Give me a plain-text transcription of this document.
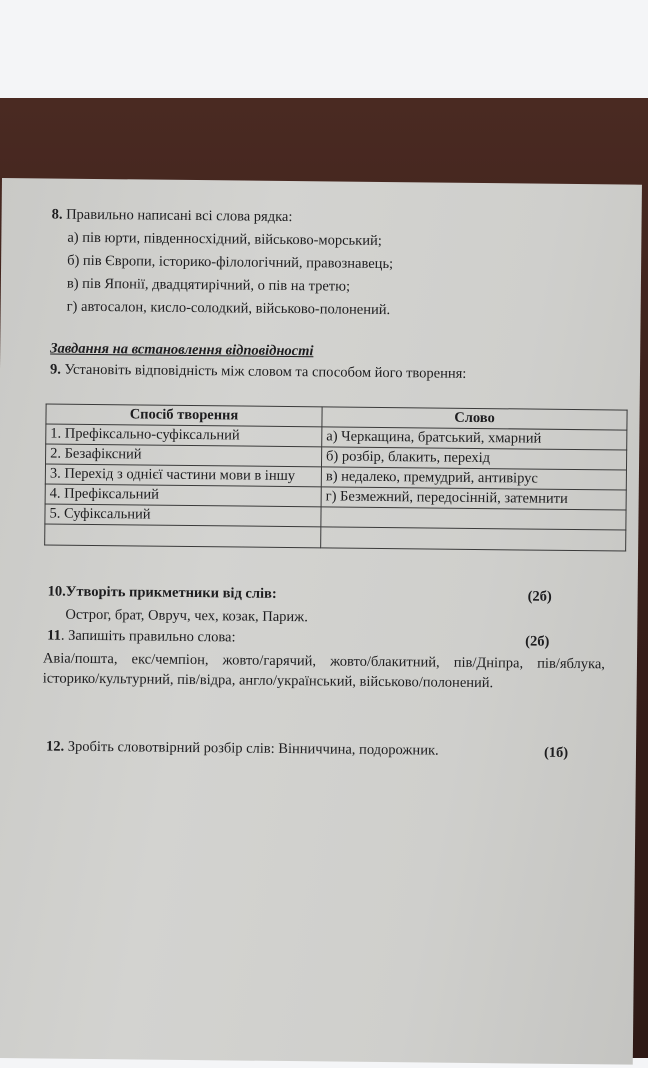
8. Правильно написані всі слова рядка:
а) пів юрти, південносхідний, військово-морський;
б) пів Європи, історико-філологічний, правознавець;
в) пів Японії, двадцятирічний, о пів на третю;
г) автосалон, кисло-солодкий, військово-полонений.
Завдання на встановлення відповідності
9. Установіть відповідність між словом та способом його творення:
Спосіб творення	Слово
1. Префіксально-суфіксальний	а) Черкащина, братський, хмарний
2. Безафіксний	б) розбір, блакить, перехід
3. Перехід з однієї частини мови в іншу	в) недалеко, премудрий, антивірус
4. Префіксальний	г) Безмежний, передосінній, затемнити
5. Суфіксальний	

10.Утворіть прикметники від слів:	(2б)
Острог, брат, Овруч, чех, козак, Париж.
11. Запишіть правильно слова:	(2б)
Авіа/пошта, екс/чемпіон, жовто/гарячий, жовто/блакитний, пів/Дніпра, пів/яблука, історико/культурний, пів/відра, англо/український, військово/полонений.
12. Зробіть словотвірний розбір слів: Вінниччина, подорожник.	(1б)
